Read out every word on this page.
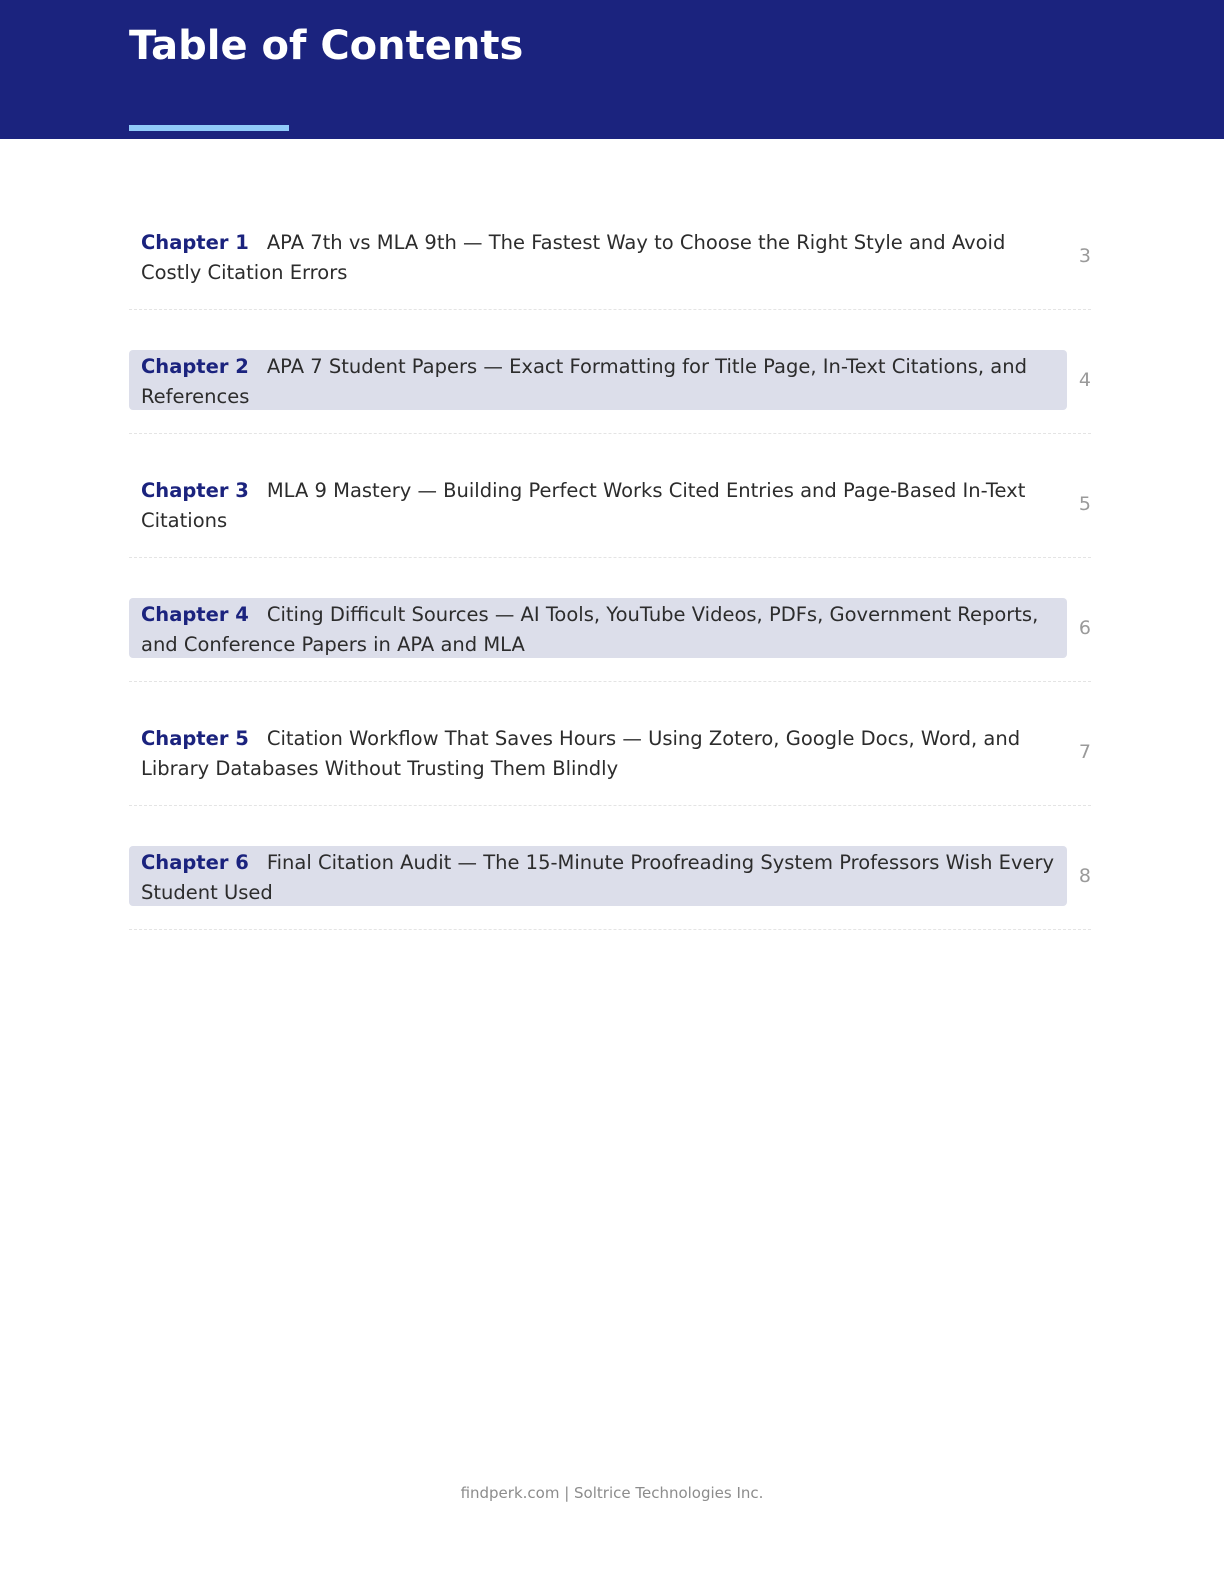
Table of Contents
Chapter 1 APA 7th vs MLA 9th — The Fastest Way to Choose the Right Style and Avoid Costly Citation Errors
3
Chapter 2 APA 7 Student Papers — Exact Formatting for Title Page, In-Text Citations, and References
4
Chapter 3 MLA 9 Mastery — Building Perfect Works Cited Entries and Page-Based In-Text Citations
5
Chapter 4 Citing Difficult Sources — AI Tools, YouTube Videos, PDFs, Government Reports, and Conference Papers in APA and MLA
6
Chapter 5 Citation Workflow That Saves Hours — Using Zotero, Google Docs, Word, and Library Databases Without Trusting Them Blindly
7
Chapter 6 Final Citation Audit — The 15-Minute Proofreading System Professors Wish Every Student Used
8
findperk.com | Soltrice Technologies Inc.
